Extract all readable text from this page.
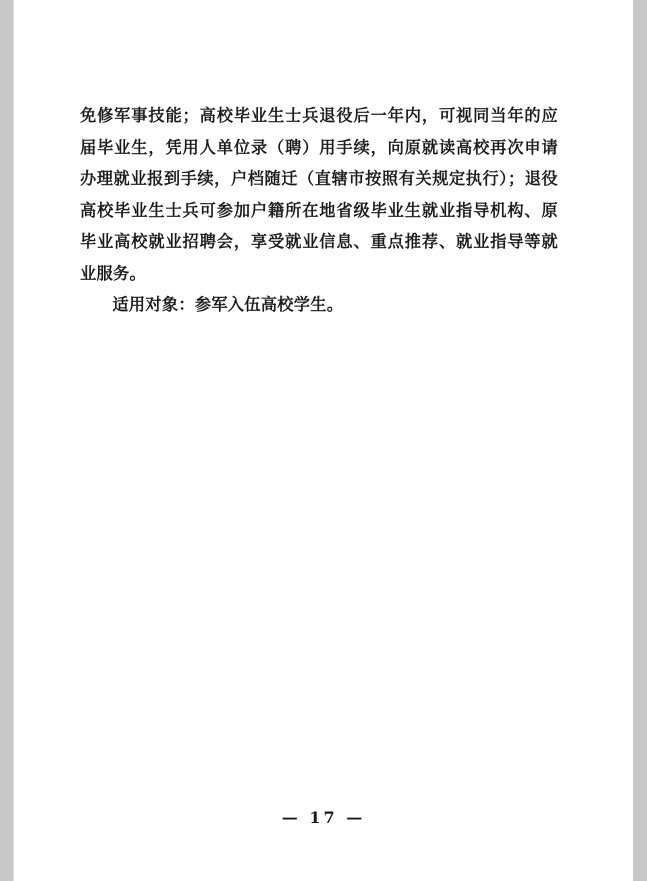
免修军事技能；高校毕业生士兵退役后一年内，可视同当年的应届毕业生，凭用人单位录（聘）用手续，向原就读高校再次申请办理就业报到手续，户档随迁（直辖市按照有关规定执行）；退役高校毕业生士兵可参加户籍所在地省级毕业生就业指导机构、原毕业高校就业招聘会，享受就业信息、重点推荐、就业指导等就业服务。

适用对象：参军入伍高校学生。

— 17 —
